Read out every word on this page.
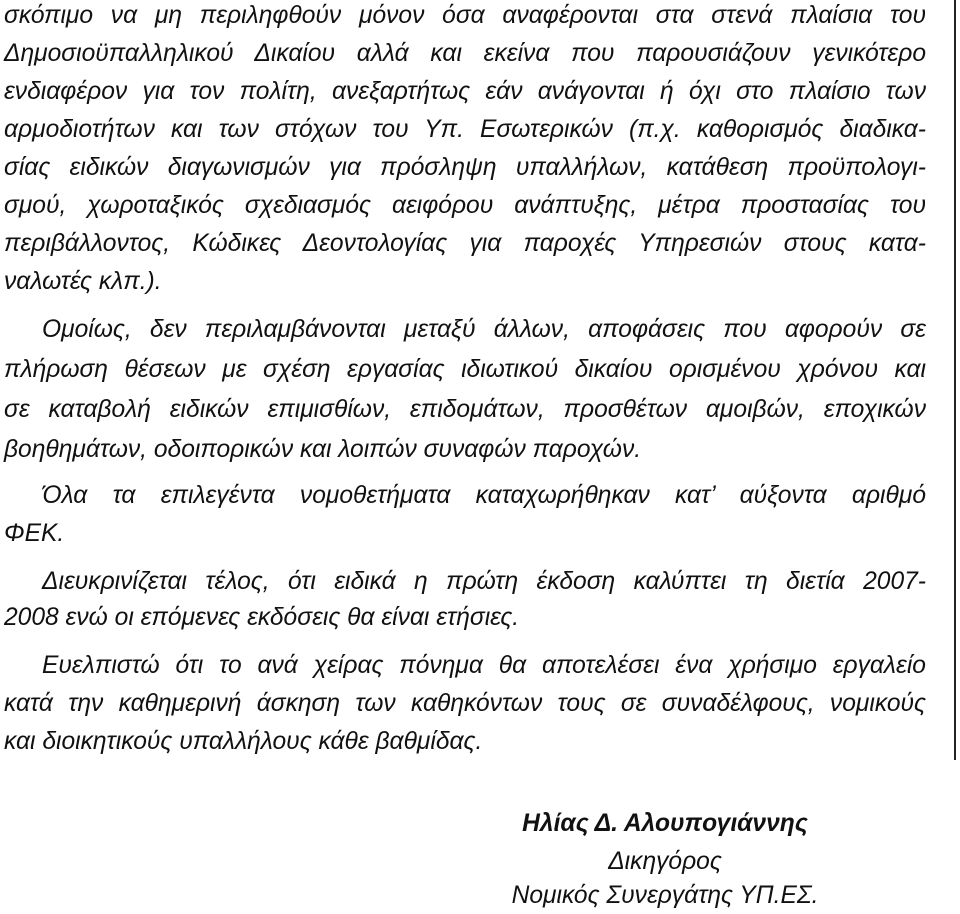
σκόπιμο να μη περιληφθούν μόνον όσα αναφέρονται στα στενά πλαίσια του
Δημοσιοϋπαλληλικού Δικαίου αλλά και εκείνα που παρουσιάζουν γενικότερο
ενδιαφέρον για τον πολίτη, ανεξαρτήτως εάν ανάγονται ή όχι στο πλαίσιο των
αρμοδιοτήτων και των στόχων του Υπ. Εσωτερικών (π.χ. καθορισμός διαδικα-
σίας ειδικών διαγωνισμών για πρόσληψη υπαλλήλων, κατάθεση προϋπολογι-
σμού, χωροταξικός σχεδιασμός αειφόρου ανάπτυξης, μέτρα προστασίας του
περιβάλλοντος, Κώδικες Δεοντολογίας για παροχές Υπηρεσιών στους κατα-
ναλωτές κλπ.).
Ομοίως, δεν περιλαμβάνονται μεταξύ άλλων, αποφάσεις που αφορούν σε
πλήρωση θέσεων με σχέση εργασίας ιδιωτικού δικαίου ορισμένου χρόνου και
σε καταβολή ειδικών επιμισθίων, επιδομάτων, προσθέτων αμοιβών, εποχικών
βοηθημάτων, οδοιπορικών και λοιπών συναφών παροχών.
Όλα τα επιλεγέντα νομοθετήματα καταχωρήθηκαν κατ’ αύξοντα αριθμό
ΦΕΚ.
Διευκρινίζεται τέλος, ότι ειδικά η πρώτη έκδοση καλύπτει τη διετία 2007-
2008 ενώ οι επόμενες εκδόσεις θα είναι ετήσιες.
Ευελπιστώ ότι το ανά χείρας πόνημα θα αποτελέσει ένα χρήσιμο εργαλείο
κατά την καθημερινή άσκηση των καθηκόντων τους σε συναδέλφους, νομικούς
και διοικητικούς υπαλλήλους κάθε βαθμίδας.
Ηλίας Δ. Αλουπογιάννης
Δικηγόρος
Νομικός Συνεργάτης ΥΠ.ΕΣ.
